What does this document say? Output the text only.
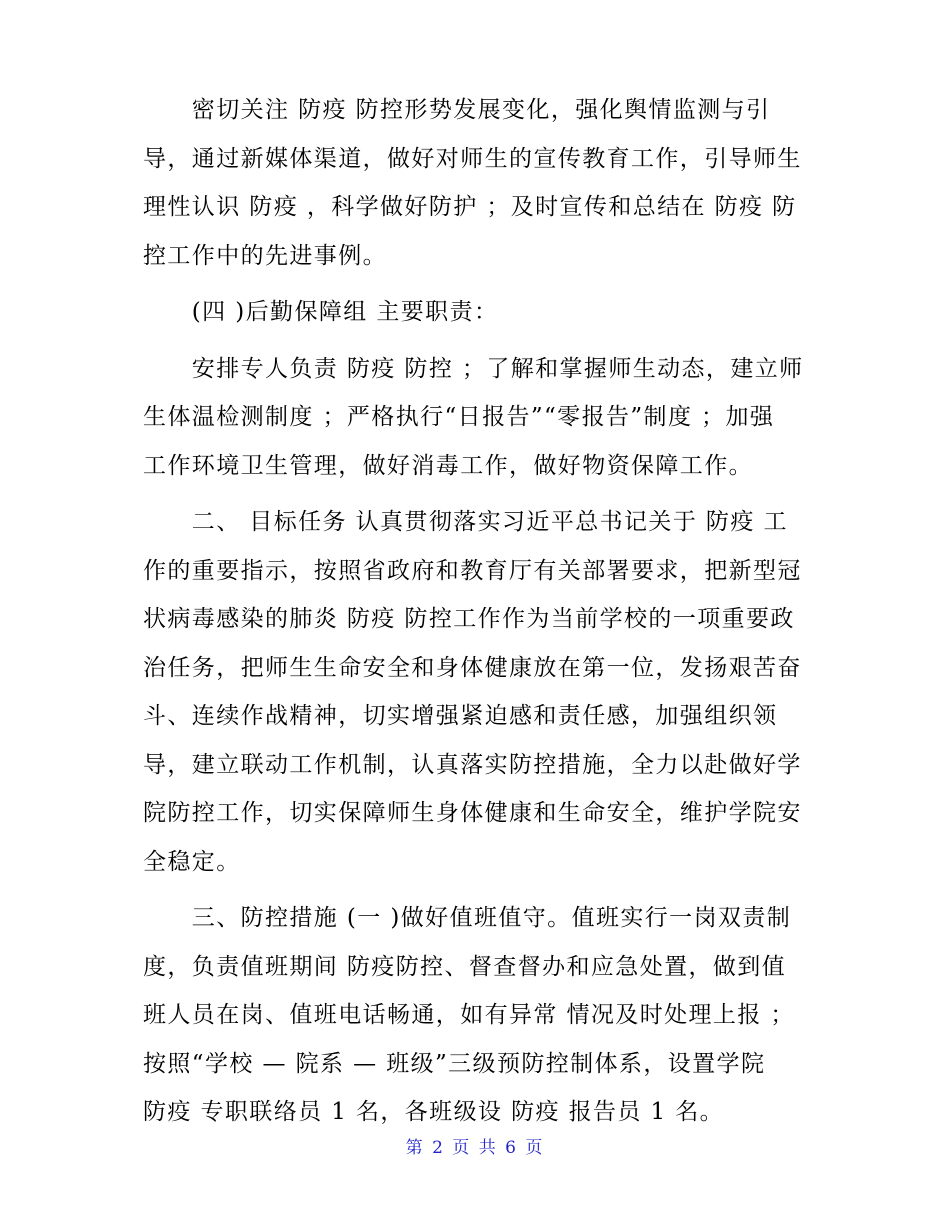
　　密切关注 防疫 防控形势发展变化，强化舆情监测与引
导，通过新媒体渠道，做好对师生的宣传教育工作，引导师生
理性认识 防疫 ，科学做好防护 ；及时宣传和总结在 防疫 防
控工作中的先进事例。
　　(四 )后勤保障组 主要职责：
　　安排专人负责 防疫 防控 ；了解和掌握师生动态，建立师
生体温检测制度 ；严格执行“日报告”“零报告”制度 ；加强
工作环境卫生管理，做好消毒工作，做好物资保障工作。
　　二、 目标任务 认真贯彻落实习近平总书记关于 防疫 工
作的重要指示，按照省政府和教育厅有关部署要求，把新型冠
状病毒感染的肺炎 防疫 防控工作作为当前学校的一项重要政
治任务，把师生生命安全和身体健康放在第一位，发扬艰苦奋
斗、连续作战精神，切实增强紧迫感和责任感，加强组织领
导，建立联动工作机制，认真落实防控措施，全力以赴做好学
院防控工作，切实保障师生身体健康和生命安全，维护学院安
全稳定。
　　三、防控措施 (一 )做好值班值守。值班实行一岗双责制
度，负责值班期间 防疫防控、督查督办和应急处置，做到值
班人员在岗、值班电话畅通，如有异常 情况及时处理上报 ；
按照“学校 — 院系 — 班级”三级预防控制体系，设置学院
防疫 专职联络员 1 名，各班级设 防疫 报告员 1 名。
第 2 页 共 6 页
